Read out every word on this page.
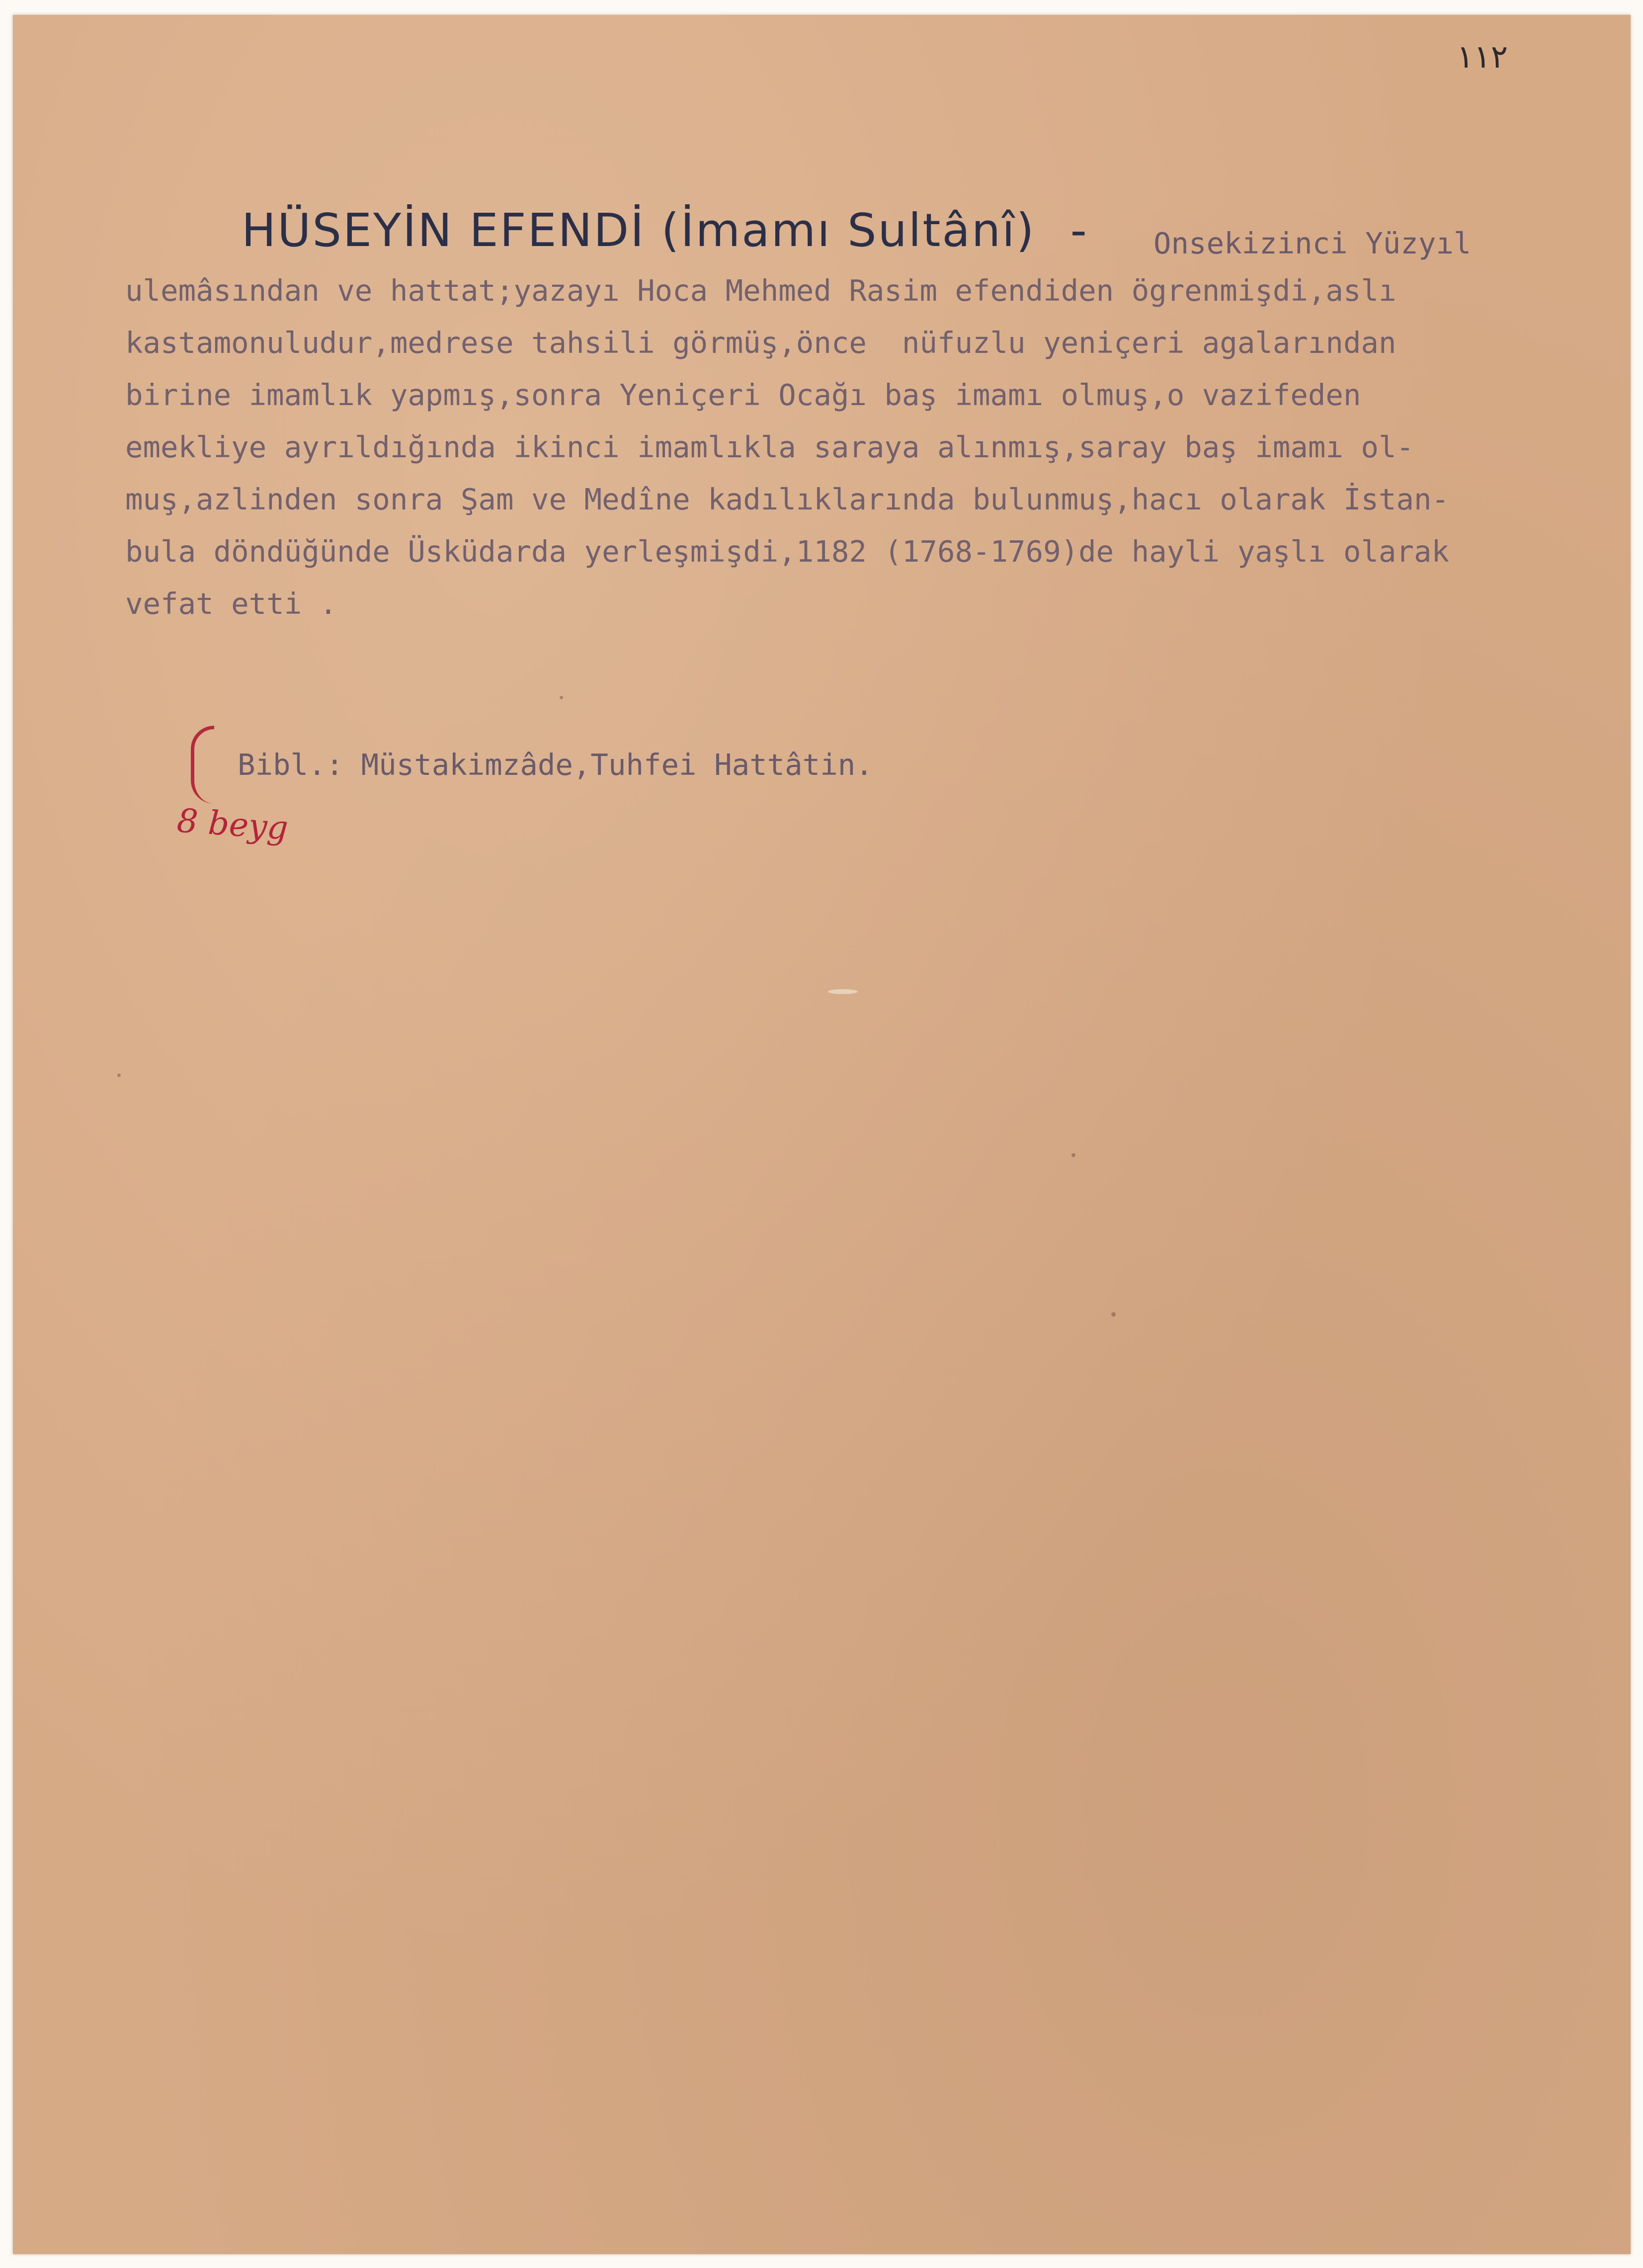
١١٢
HÜSEYİN EFENDİ (İmamı Sultânî) -	Onsekizinci Yüzyıl
ulemâsından ve hattat;yazayı Hoca Mehmed Rasim efendiden ögrenmişdi,aslı
kastamonuludur,medrese tahsili görmüş,önce  nüfuzlu yeniçeri agalarından
birine imamlık yapmış,sonra Yeniçeri Ocağı baş imamı olmuş,o vazifeden
emekliye ayrıldığında ikinci imamlıkla saraya alınmış,saray baş imamı ol-
muş,azlinden sonra Şam ve Medîne kadılıklarında bulunmuş,hacı olarak İstan-
bula döndüğünde Üsküdarda yerleşmişdi,1182 (1768-1769)de hayli yaşlı olarak
vefat etti .
Bibl.: Müstakimzâde,Tuhfei Hattâtin.
8 beyg
